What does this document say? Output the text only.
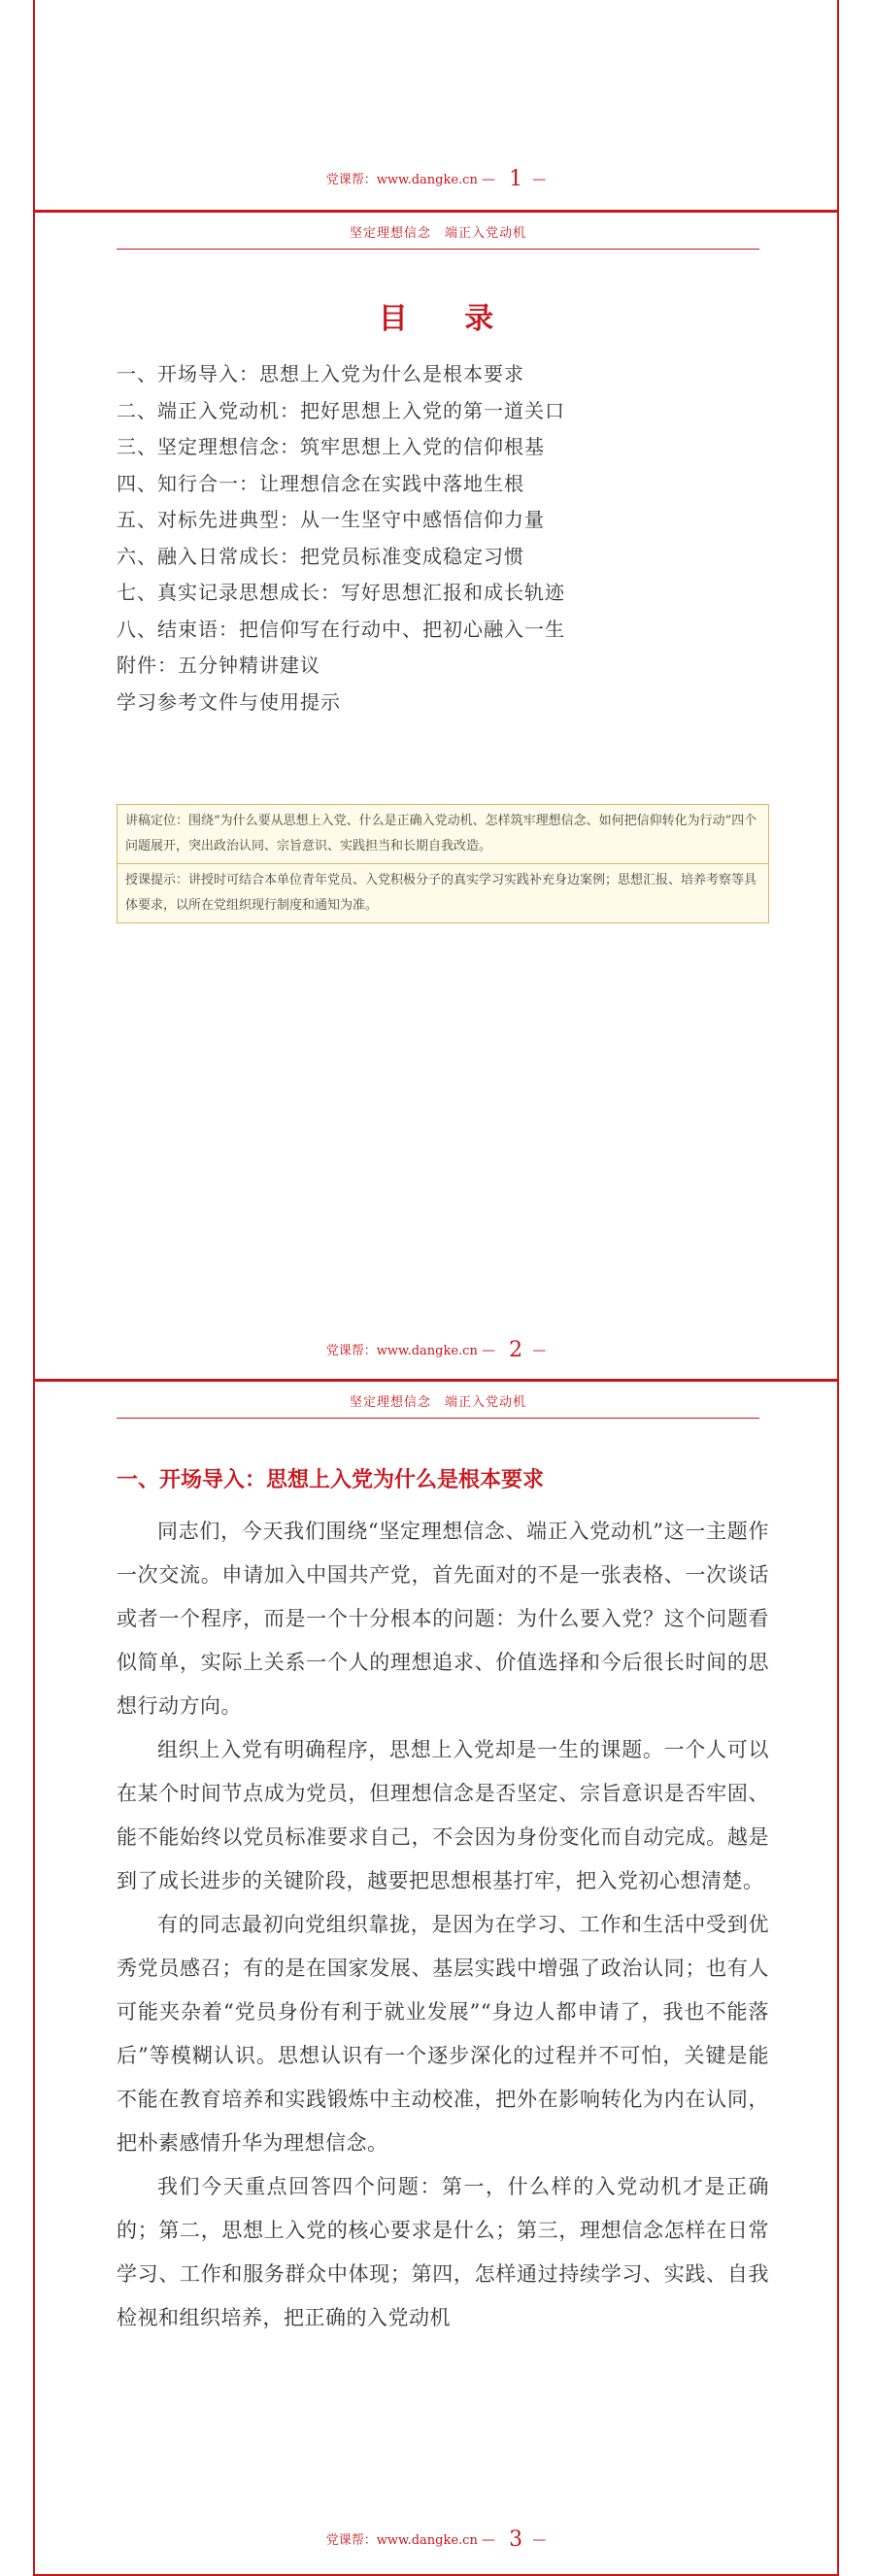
党课帮：www.dangke.cn — 1 —
坚定理想信念　端正入党动机
目 录
一、开场导入：思想上入党为什么是根本要求
二、端正入党动机：把好思想上入党的第一道关口
三、坚定理想信念：筑牢思想上入党的信仰根基
四、知行合一：让理想信念在实践中落地生根
五、对标先进典型：从一生坚守中感悟信仰力量
六、融入日常成长：把党员标准变成稳定习惯
七、真实记录思想成长：写好思想汇报和成长轨迹
八、结束语：把信仰写在行动中、把初心融入一生
附件：五分钟精讲建议
学习参考文件与使用提示
讲稿定位：围绕“为什么要从思想上入党、什么是正确入党动机、怎样筑牢理想信念、如何把信仰转化为行动”四个问题展开，突出政治认同、宗旨意识、实践担当和长期自我改造。
授课提示：讲授时可结合本单位青年党员、入党积极分子的真实学习实践补充身边案例；思想汇报、培养考察等具体要求，以所在党组织现行制度和通知为准。
党课帮：www.dangke.cn — 2 —
坚定理想信念　端正入党动机
一、开场导入：思想上入党为什么是根本要求

同志们，今天我们围绕“坚定理想信念、端正入党动机”这一主题作一次交流。申请加入中国共产党，首先面对的不是一张表格、一次谈话或者一个程序，而是一个十分根本的问题：为什么要入党？这个问题看似简单，实际上关系一个人的理想追求、价值选择和今后很长时间的思想行动方向。

组织上入党有明确程序，思想上入党却是一生的课题。一个人可以在某个时间节点成为党员，但理想信念是否坚定、宗旨意识是否牢固、能不能始终以党员标准要求自己，不会因为身份变化而自动完成。越是到了成长进步的关键阶段，越要把思想根基打牢，把入党初心想清楚。

有的同志最初向党组织靠拢，是因为在学习、工作和生活中受到优秀党员感召；有的是在国家发展、基层实践中增强了政治认同；也有人可能夹杂着“党员身份有利于就业发展”“身边人都申请了，我也不能落后”等模糊认识。思想认识有一个逐步深化的过程并不可怕，关键是能不能在教育培养和实践锻炼中主动校准，把外在影响转化为内在认同，把朴素感情升华为理想信念。

我们今天重点回答四个问题：第一，什么样的入党动机才是正确的；第二，思想上入党的核心要求是什么；第三，理想信念怎样在日常学习、工作和服务群众中体现；第四，怎样通过持续学习、实践、自我检视和组织培养，把正确的入党动机

党课帮：www.dangke.cn — 3 —
